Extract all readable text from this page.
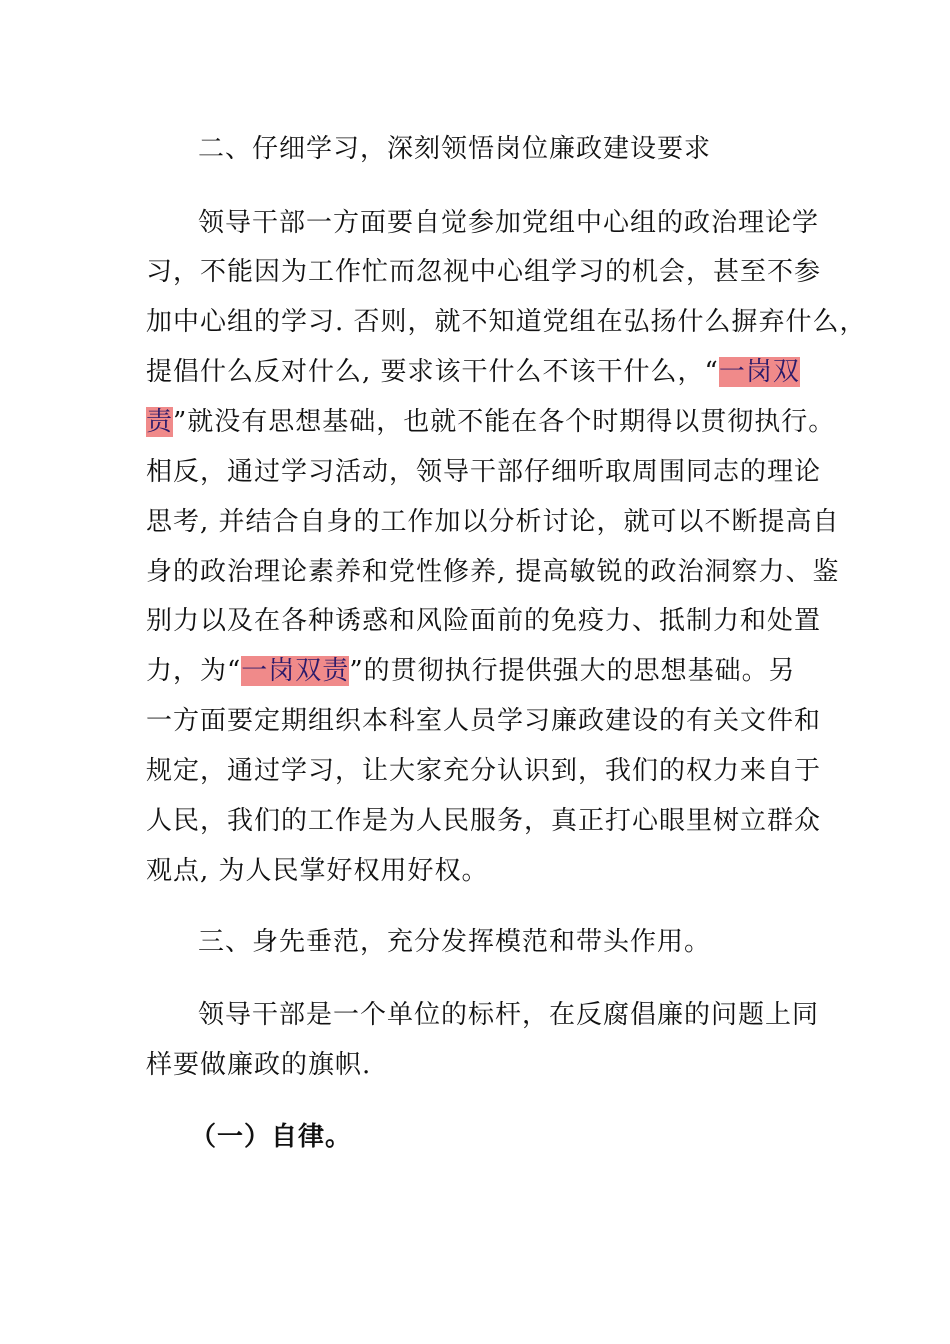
二、仔细学习，深刻领悟岗位廉政建设要求
领导干部一方面要自觉参加党组中心组的政治理论学
习，不能因为工作忙而忽视中心组学习的机会，甚至不参
加中心组的学习. 否则，就不知道党组在弘扬什么摒弃什么，
提倡什么反对什么, 要求该干什么不该干什么，“一岗双
责”就没有思想基础，也就不能在各个时期得以贯彻执行。
相反，通过学习活动，领导干部仔细听取周围同志的理论
思考, 并结合自身的工作加以分析讨论，就可以不断提高自
身的政治理论素养和党性修养, 提高敏锐的政治洞察力、鉴
别力以及在各种诱惑和风险面前的免疫力、抵制力和处置
力，为“一岗双责”的贯彻执行提供强大的思想基础。另
一方面要定期组织本科室人员学习廉政建设的有关文件和
规定，通过学习，让大家充分认识到，我们的权力来自于
人民，我们的工作是为人民服务，真正打心眼里树立群众
观点, 为人民掌好权用好权。
三、身先垂范，充分发挥模范和带头作用。
领导干部是一个单位的标杆，在反腐倡廉的问题上同
样要做廉政的旗帜.
（一）自律。
